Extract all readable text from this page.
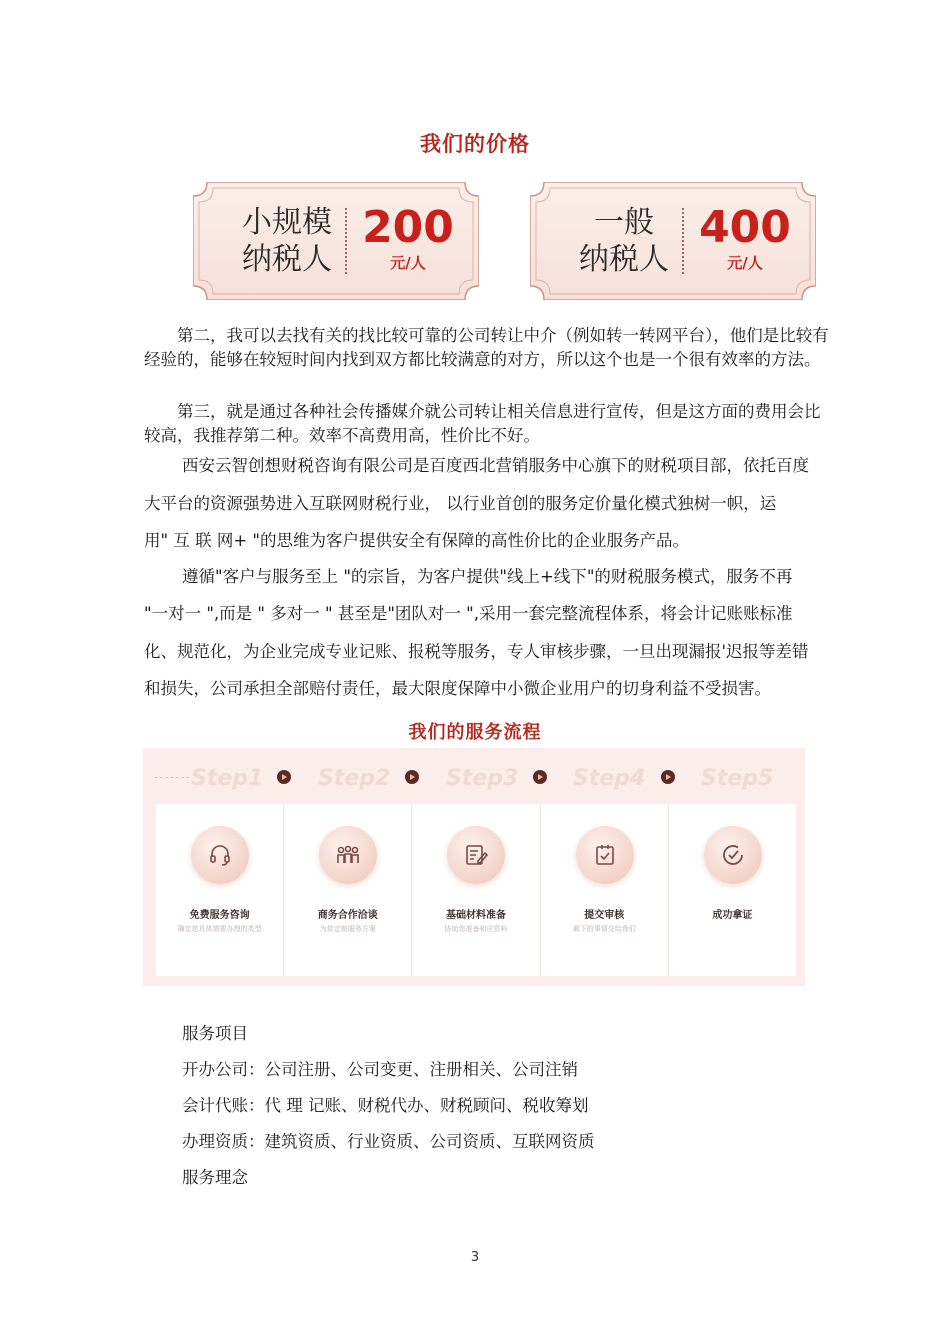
我们的价格
小规模
纳税人
200
元/人
一般
纳税人
400
元/人

第二，我可以去找有关的找比较可靠的公司转让中介（例如转一转网平台），他们是比较有经验的，能够在较短时间内找到双方都比较满意的对方，所以这个也是一个很有效率的方法。

第三，就是通过各种社会传播媒介就公司转让相关信息进行宣传，但是这方面的费用会比较高，我推荐第二种。效率不高费用高，性价比不好。

西安云智创想财税咨询有限公司是百度西北营销服务中心旗下的财税项目部，依托百度

大平台的资源强势进入互联网财税行业， 以行业首创的服务定价量化模式独树一帜，运

用" 互 联 网+ "的思维为客户提供安全有保障的高性价比的企业服务产品。

遵循"客户与服务至上 "的宗旨，为客户提供"线上+线下"的财税服务模式，服务不再

"一对一 ",而是 " 多对一 " 甚至是"团队对一 ",采用一套完整流程体系，将会计记账账标准

化、规范化，为企业完成专业记账、报税等服务，专人审核步骤，一旦出现漏报'迟报等差错

和损失，公司承担全部赔付责任，最大限度保障中小微企业用户的切身利益不受损害。

我们的服务流程
Step1 Step2	Step3 Step4	Step5
免费服务咨询
确定您具体需要办理的类型
商务合作洽谈
为您定制服务方案
基础材料准备
协助您准备相应资料
提交审核
剩下的事情交给我们
成功拿证
服务项目
开办公司：公司注册、公司变更、注册相关、公司注销
会计代账：代 理 记账、财税代办、财税顾问、税收筹划
办理资质：建筑资质、行业资质、公司资质、互联网资质
服务理念
3
